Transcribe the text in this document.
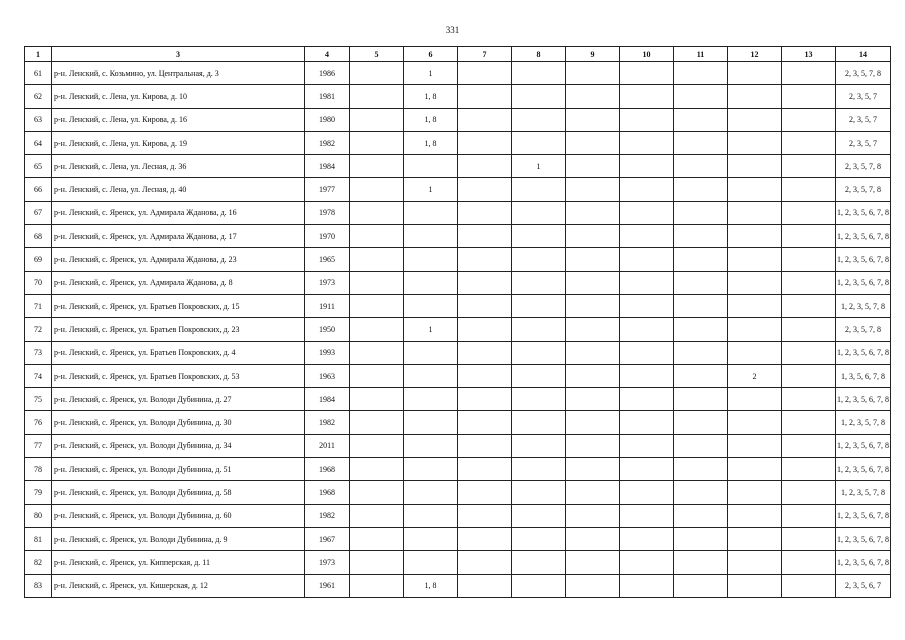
331
1	3	4	5	6	7	8	9	10	11	12	13	14
61	р-н. Ленский, с. Козьмино, ул. Центральная, д. 3	1986		1								2, 3, 5, 7, 8
62	р-н. Ленский, с. Лена, ул. Кирова, д. 10	1981		1, 8								2, 3, 5, 7
63	р-н. Ленский, с. Лена, ул. Кирова, д. 16	1980		1, 8								2, 3, 5, 7
64	р-н. Ленский, с. Лена, ул. Кирова, д. 19	1982		1, 8								2, 3, 5, 7
65	р-н. Ленский, с. Лена, ул. Лесная, д. 36	1984				1						2, 3, 5, 7, 8
66	р-н. Ленский, с. Лена, ул. Лесная, д. 40	1977		1								2, 3, 5, 7, 8
67	р-н. Ленский, с. Яренск, ул. Адмирала Жданова, д. 16	1978										1, 2, 3, 5, 6, 7, 8
68	р-н. Ленский, с. Яренск, ул. Адмирала Жданова, д. 17	1970										1, 2, 3, 5, 6, 7, 8
69	р-н. Ленский, с. Яренск, ул. Адмирала Жданова, д. 23	1965										1, 2, 3, 5, 6, 7, 8
70	р-н. Ленский, с. Яренск, ул. Адмирала Жданова, д. 8	1973										1, 2, 3, 5, 6, 7, 8
71	р-н. Ленский, с. Яренск, ул. Братьев Покровских, д. 15	1911										1, 2, 3, 5, 7, 8
72	р-н. Ленский, с. Яренск, ул. Братьев Покровских, д. 23	1950		1								2, 3, 5, 7, 8
73	р-н. Ленский, с. Яренск, ул. Братьев Покровских, д. 4	1993										1, 2, 3, 5, 6, 7, 8
74	р-н. Ленский, с. Яренск, ул. Братьев Покровских, д. 53	1963								2		1, 3, 5, 6, 7, 8
75	р-н. Ленский, с. Яренск, ул. Володи Дубинина, д. 27	1984										1, 2, 3, 5, 6, 7, 8
76	р-н. Ленский, с. Яренск, ул. Володи Дубинина, д. 30	1982										1, 2, 3, 5, 7, 8
77	р-н. Ленский, с. Яренск, ул. Володи Дубинина, д. 34	2011										1, 2, 3, 5, 6, 7, 8
78	р-н. Ленский, с. Яренск, ул. Володи Дубинина, д. 51	1968										1, 2, 3, 5, 6, 7, 8
79	р-н. Ленский, с. Яренск, ул. Володи Дубинина, д. 58	1968										1, 2, 3, 5, 7, 8
80	р-н. Ленский, с. Яренск, ул. Володи Дубинина, д. 60	1982										1, 2, 3, 5, 6, 7, 8
81	р-н. Ленский, с. Яренск, ул. Володи Дубинина, д. 9	1967										1, 2, 3, 5, 6, 7, 8
82	р-н. Ленский, с. Яренск, ул. Кипперская, д. 11	1973										1, 2, 3, 5, 6, 7, 8
83	р-н. Ленский, с. Яренск, ул. Кишерская, д. 12	1961		1, 8								2, 3, 5, 6, 7
